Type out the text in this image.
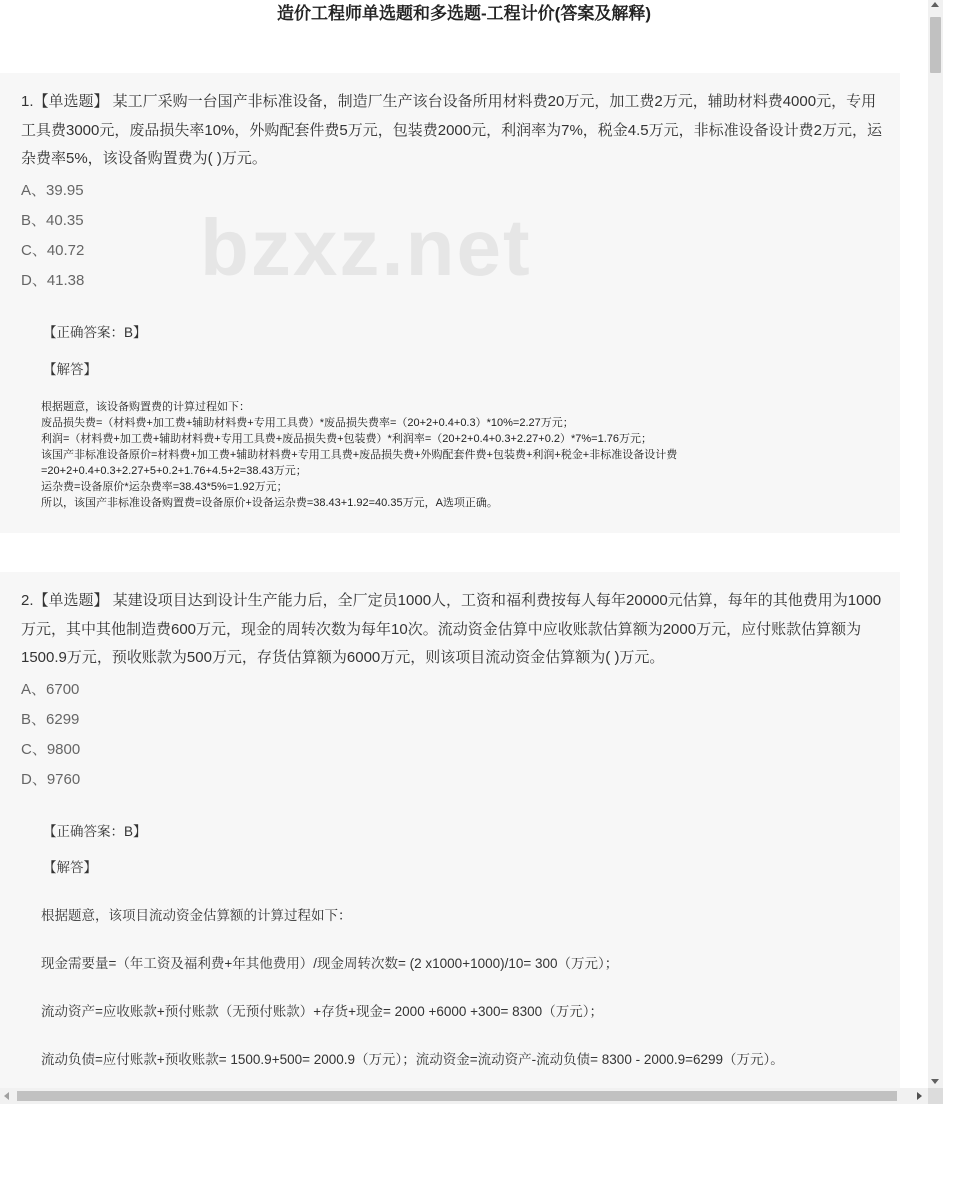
造价工程师单选题和多选题-工程计价(答案及解释)
1.【单选题】 某工厂采购一台国产非标准设备，制造厂生产该台设备所用材料费20万元，加工费2万元，辅助材料费4000元，专用工具费3000元，废品损失率10%，外购配套件费5万元，包装费2000元，利润率为7%，税金4.5万元，非标准设备设计费2万元，运杂费率5%，该设备购置费为( )万元。
bzxz.net
A、39.95
B、40.35
C、40.72
D、41.38
【正确答案：B】
【解答】
根据题意，该设备购置费的计算过程如下：
废品损失费=（材料费+加工费+辅助材料费+专用工具费）*废品损失费率=（20+2+0.4+0.3）*10%=2.27万元；
利润=（材料费+加工费+辅助材料费+专用工具费+废品损失费+包装费）*利润率=（20+2+0.4+0.3+2.27+0.2）*7%=1.76万元；
该国产非标准设备原价=材料费+加工费+辅助材料费+专用工具费+废品损失费+外购配套件费+包装费+利润+税金+非标准设备设计费
=20+2+0.4+0.3+2.27+5+0.2+1.76+4.5+2=38.43万元；
运杂费=设备原价*运杂费率=38.43*5%=1.92万元；
所以，该国产非标准设备购置费=设备原价+设备运杂费=38.43+1.92=40.35万元，A选项正确。
2.【单选题】 某建设项目达到设计生产能力后，全厂定员1000人，工资和福利费按每人每年20000元估算，每年的其他费用为1000万元，其中其他制造费600万元，现金的周转次数为每年10次。流动资金估算中应收账款估算额为2000万元，应付账款估算额为1500.9万元，预收账款为500万元，存货估算额为6000万元，则该项目流动资金估算额为( )万元。
A、6700
B、6299
C、9800
D、9760
【正确答案：B】
【解答】
根据题意，该项目流动资金估算额的计算过程如下：
现金需要量=（年工资及福利费+年其他费用）/现金周转次数= (2 x1000+1000)/10= 300（万元）；
流动资产=应收账款+预付账款（无预付账款）+存货+现金= 2000 +6000 +300= 8300（万元）；
流动负债=应付账款+预收账款= 1500.9+500= 2000.9（万元）；流动资金=流动资产-流动负债= 8300 - 2000.9=6299（万元）。
